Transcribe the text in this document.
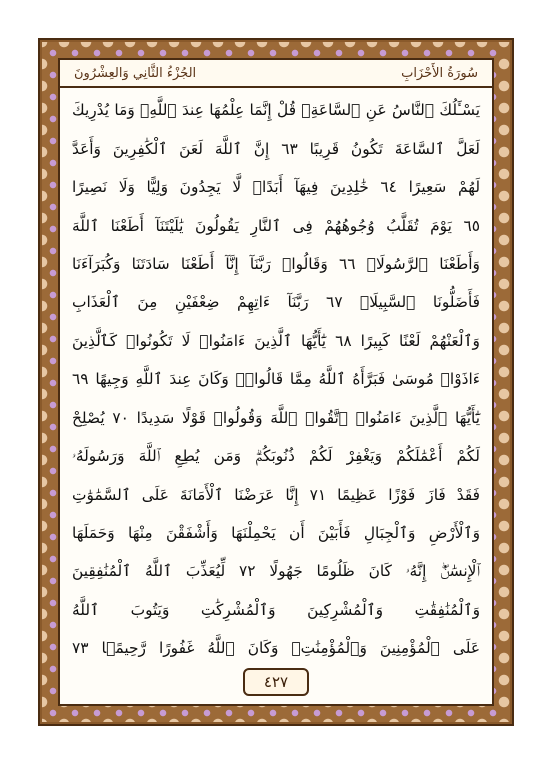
سُورَةُ الأَحْزَابِ
الجُزْءُ الثَّانِي وَالعِشْرُونَ
يَسْـَٔلُكَ ٱلنَّاسُ عَنِ ٱلسَّاعَةِۖ قُلْ إِنَّمَا عِلْمُهَا عِندَ ٱللَّهِۚ وَمَا يُدْرِيكَ
لَعَلَّ ٱلسَّاعَةَ تَكُونُ قَرِيبًا ٦٣ إِنَّ ٱللَّهَ لَعَنَ ٱلْكَٰفِرِينَ وَأَعَدَّ
لَهُمْ سَعِيرًا ٦٤ خَٰلِدِينَ فِيهَآ أَبَدًاۖ لَّا يَجِدُونَ وَلِيًّا وَلَا نَصِيرًا
٦٥ يَوْمَ تُقَلَّبُ وُجُوهُهُمْ فِى ٱلنَّارِ يَقُولُونَ يَٰلَيْتَنَآ أَطَعْنَا ٱللَّهَ
وَأَطَعْنَا ٱلرَّسُولَا۠ ٦٦ وَقَالُوا۟ رَبَّنَآ إِنَّآ أَطَعْنَا سَادَتَنَا وَكُبَرَآءَنَا
فَأَضَلُّونَا ٱلسَّبِيلَا۠ ٦٧ رَبَّنَآ ءَاتِهِمْ ضِعْفَيْنِ مِنَ ٱلْعَذَابِ
وَٱلْعَنْهُمْ لَعْنًا كَبِيرًا ٦٨ يَٰٓأَيُّهَا ٱلَّذِينَ ءَامَنُوا۟ لَا تَكُونُوا۟ كَٱلَّذِينَ
ءَاذَوْا۟ مُوسَىٰ فَبَرَّأَهُ ٱللَّهُ مِمَّا قَالُوا۟ۚ وَكَانَ عِندَ ٱللَّهِ وَجِيهًا ٦٩
يَٰٓأَيُّهَا ٱلَّذِينَ ءَامَنُوا۟ ٱتَّقُوا۟ ٱللَّهَ وَقُولُوا۟ قَوْلًا سَدِيدًا ٧٠ يُصْلِحْ
لَكُمْ أَعْمَٰلَكُمْ وَيَغْفِرْ لَكُمْ ذُنُوبَكُمْۗ وَمَن يُطِعِ ٱللَّهَ وَرَسُولَهُۥ
فَقَدْ فَازَ فَوْزًا عَظِيمًا ٧١ إِنَّا عَرَضْنَا ٱلْأَمَانَةَ عَلَى ٱلسَّمَٰوَٰتِ
وَٱلْأَرْضِ وَٱلْجِبَالِ فَأَبَيْنَ أَن يَحْمِلْنَهَا وَأَشْفَقْنَ مِنْهَا وَحَمَلَهَا
ٱلْإِنسَٰنُۖ إِنَّهُۥ كَانَ ظَلُومًا جَهُولًا ٧٢ لِّيُعَذِّبَ ٱللَّهُ ٱلْمُنَٰفِقِينَ
وَٱلْمُنَٰفِقَٰتِ وَٱلْمُشْرِكِينَ وَٱلْمُشْرِكَٰتِ وَيَتُوبَ ٱللَّهُ
عَلَى ٱلْمُؤْمِنِينَ وَٱلْمُؤْمِنَٰتِۗ وَكَانَ ٱللَّهُ غَفُورًا رَّحِيمًۢا ٧٣
٤٢٧
